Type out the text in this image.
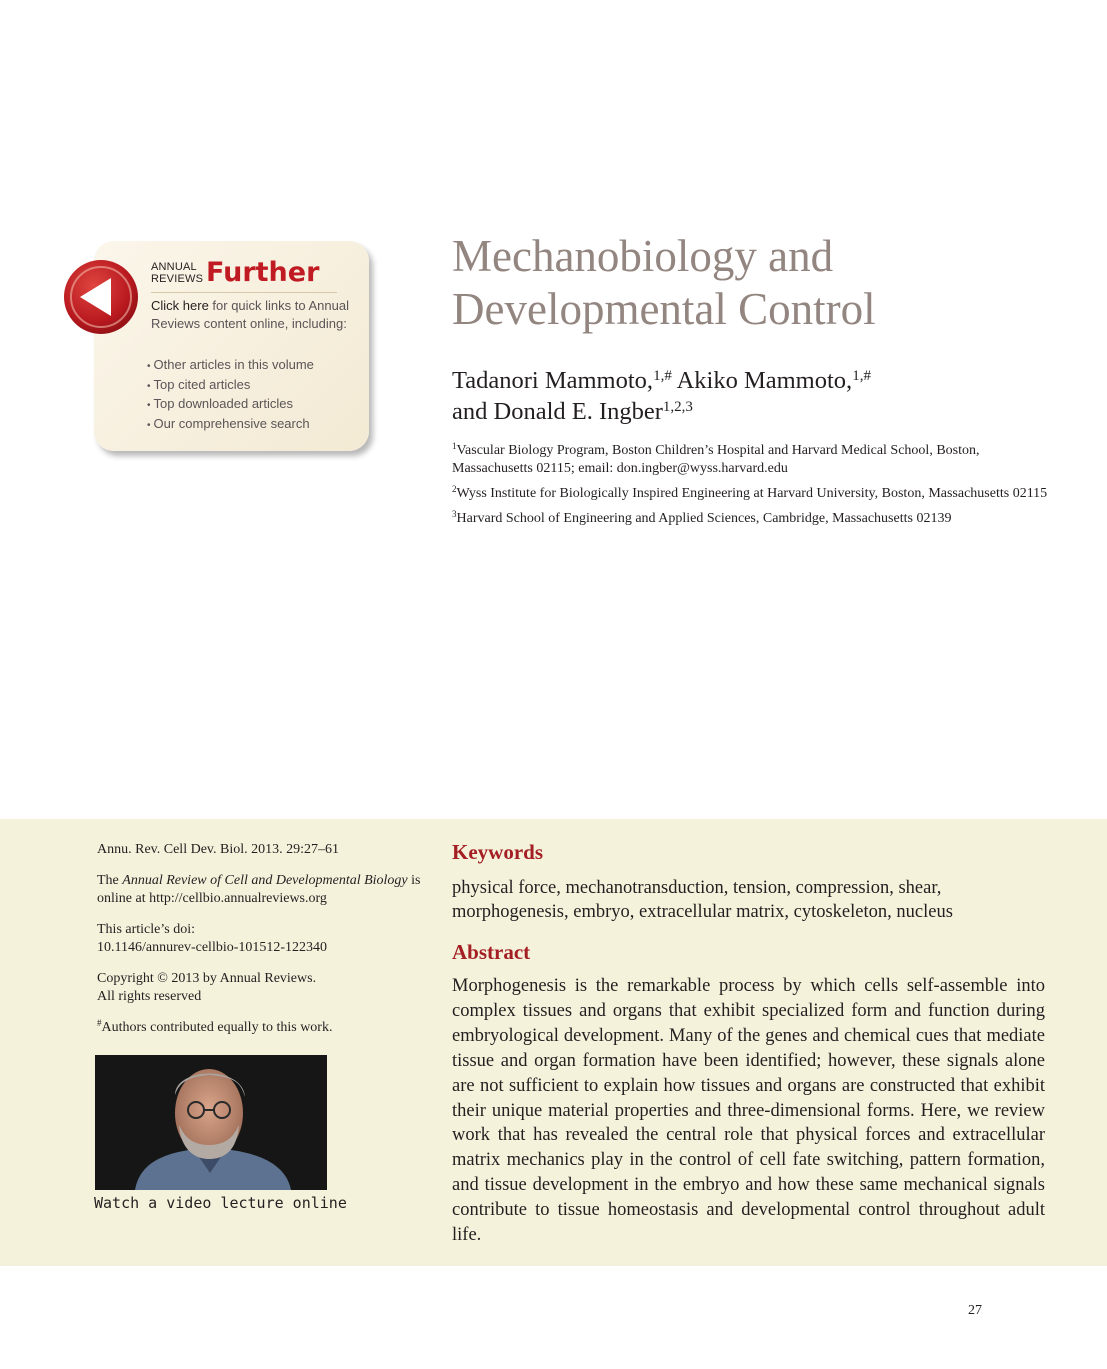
ANNUAL
REVIEWS Further
Click here for quick links to Annual Reviews content online, including:
• Other articles in this volume
• Top cited articles
• Top downloaded articles
• Our comprehensive search
Mechanobiology and
Developmental Control

Tadanori Mammoto,$^{1,\#}$ Akiko Mammoto,$^{1,\#}$
and Donald E. Ingber$^{1,2,3}$

$^1$Vascular Biology Program, Boston Children’s Hospital and Harvard Medical School, Boston, Massachusetts 02115; email: don.ingber@wyss.harvard.edu

$^2$Wyss Institute for Biologically Inspired Engineering at Harvard University, Boston, Massachusetts 02115

$^3$Harvard School of Engineering and Applied Sciences, Cambridge, Massachusetts 02139

Annu. Rev. Cell Dev. Biol. 2013. 29:27–61

The Annual Review of Cell and Developmental Biology is online at http://cellbio.annualreviews.org

This article’s doi:
10.1146/annurev-cellbio-101512-122340

Copyright © 2013 by Annual Reviews.
All rights reserved

#Authors contributed equally to this work.

Watch a video lecture online
Keywords

physical force, mechanotransduction, tension, compression, shear, morphogenesis, embryo, extracellular matrix, cytoskeleton, nucleus

Abstract

Morphogenesis is the remarkable process by which cells self-assemble into complex tissues and organs that exhibit specialized form and function during embryological development. Many of the genes and chemical cues that mediate tissue and organ formation have been identified; however, these signals alone are not sufficient to explain how tissues and organs are constructed that exhibit their unique material properties and three-dimensional forms. Here, we review work that has revealed the central role that physical forces and extracellular matrix mechanics play in the control of cell fate switching, pattern formation, and tissue development in the embryo and how these same mechanical signals contribute to tissue homeostasis and developmental control throughout adult life.

27
